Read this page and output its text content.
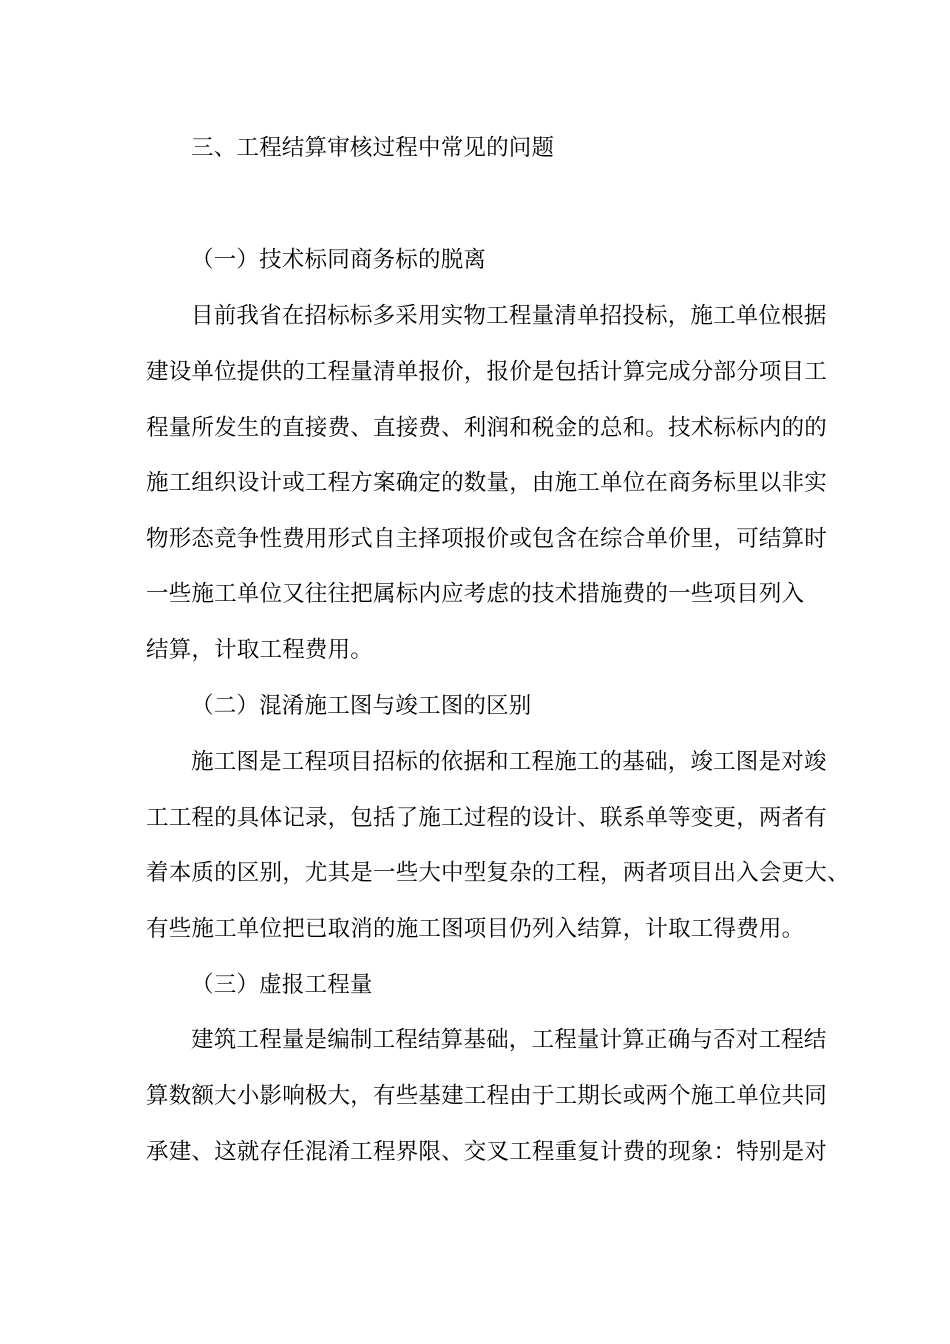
三、工程结算审核过程中常见的问题
（一）技术标同商务标的脱离
目前我省在招标标多采用实物工程量清单招投标，施工单位根据
建设单位提供的工程量清单报价，报价是包括计算完成分部分项目工
程量所发生的直接费、直接费、利润和税金的总和。技术标标内的的
施工组织设计或工程方案确定的数量，由施工单位在商务标里以非实
物形态竞争性费用形式自主择项报价或包含在综合单价里，可结算时
一些施工单位又往往把属标内应考虑的技术措施费的一些项目列入
结算，计取工程费用。
（二）混淆施工图与竣工图的区别
施工图是工程项目招标的依据和工程施工的基础，竣工图是对竣
工工程的具体记录，包括了施工过程的设计、联系单等变更，两者有
着本质的区别，尤其是一些大中型复杂的工程，两者项目出入会更大、
有些施工单位把已取消的施工图项目仍列入结算，计取工得费用。
（三）虚报工程量
建筑工程量是编制工程结算基础，工程量计算正确与否对工程结
算数额大小影响极大，有些基建工程由于工期长或两个施工单位共同
承建、这就存任混淆工程界限、交叉工程重复计费的现象：特别是对
